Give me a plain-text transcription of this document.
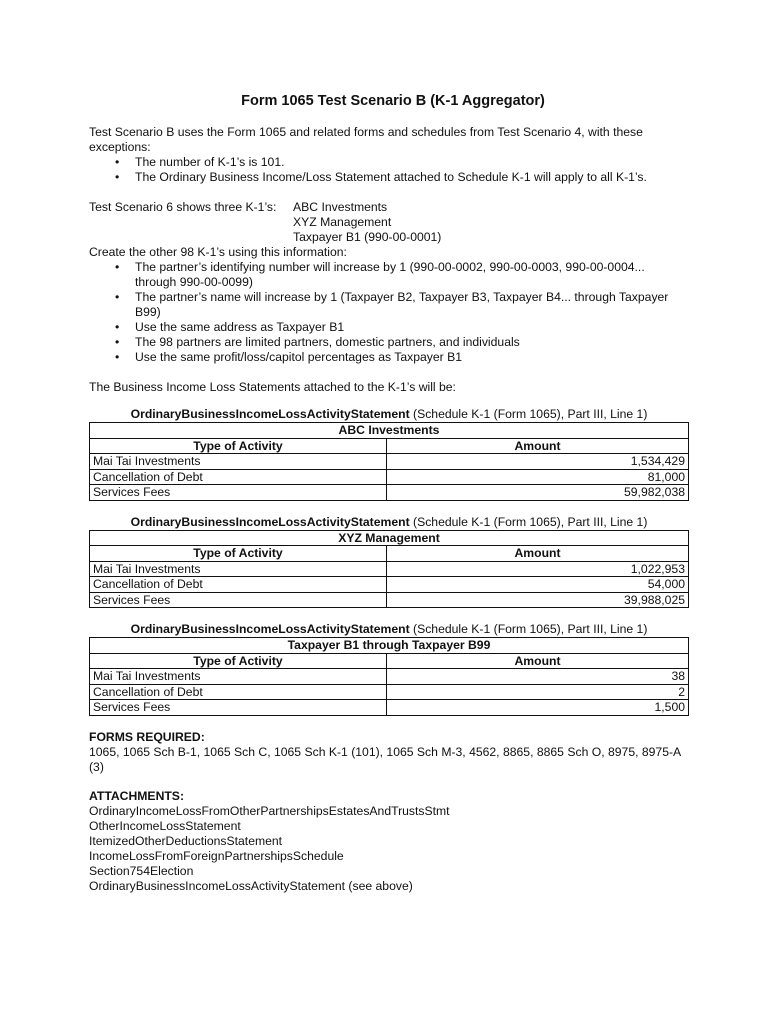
Form 1065 Test Scenario B (K-1 Aggregator)

Test Scenario B uses the Form 1065 and related forms and schedules from Test Scenario 4, with these exceptions:

• The number of K-1’s is 101.
• The Ordinary Business Income/Loss Statement attached to Schedule K-1 will apply to all K-1’s.
Test Scenario 6 shows three K-1’s:	ABC Investments
XYZ Management
Taxpayer B1 (990-00-0001)

Create the other 98 K-1’s using this information:

• The partner’s identifying number will increase by 1 (990-00-0002, 990-00-0003, 990-00-0004... through 990-00-0099)
• The partner’s name will increase by 1 (Taxpayer B2, Taxpayer B3, Taxpayer B4... through Taxpayer B99)
• Use the same address as Taxpayer B1
• The 98 partners are limited partners, domestic partners, and individuals
• Use the same profit/loss/capitol percentages as Taxpayer B1

The Business Income Loss Statements attached to the K-1’s will be:

OrdinaryBusinessIncomeLossActivityStatement (Schedule K-1 (Form 1065), Part III, Line 1)
ABC Investments	
Type of Activity	Amount
Mai Tai Investments	1,534,429
Cancellation of Debt	81,000
Services Fees	59,982,038
OrdinaryBusinessIncomeLossActivityStatement (Schedule K-1 (Form 1065), Part III, Line 1)
XYZ Management	
Type of Activity	Amount
Mai Tai Investments	1,022,953
Cancellation of Debt	54,000
Services Fees	39,988,025
OrdinaryBusinessIncomeLossActivityStatement (Schedule K-1 (Form 1065), Part III, Line 1)
Taxpayer B1 through Taxpayer B99	
Type of Activity	Amount
Mai Tai Investments	38
Cancellation of Debt	2
Services Fees	1,500
FORMS REQUIRED:

1065, 1065 Sch B-1, 1065 Sch C, 1065 Sch K-1 (101), 1065 Sch M-3, 4562, 8865, 8865 Sch O, 8975, 8975-A (3)

ATTACHMENTS:
OrdinaryIncomeLossFromOtherPartnershipsEstatesAndTrustsStmt
OtherIncomeLossStatement
ItemizedOtherDeductionsStatement
IncomeLossFromForeignPartnershipsSchedule
Section754Election
OrdinaryBusinessIncomeLossActivityStatement (see above)
